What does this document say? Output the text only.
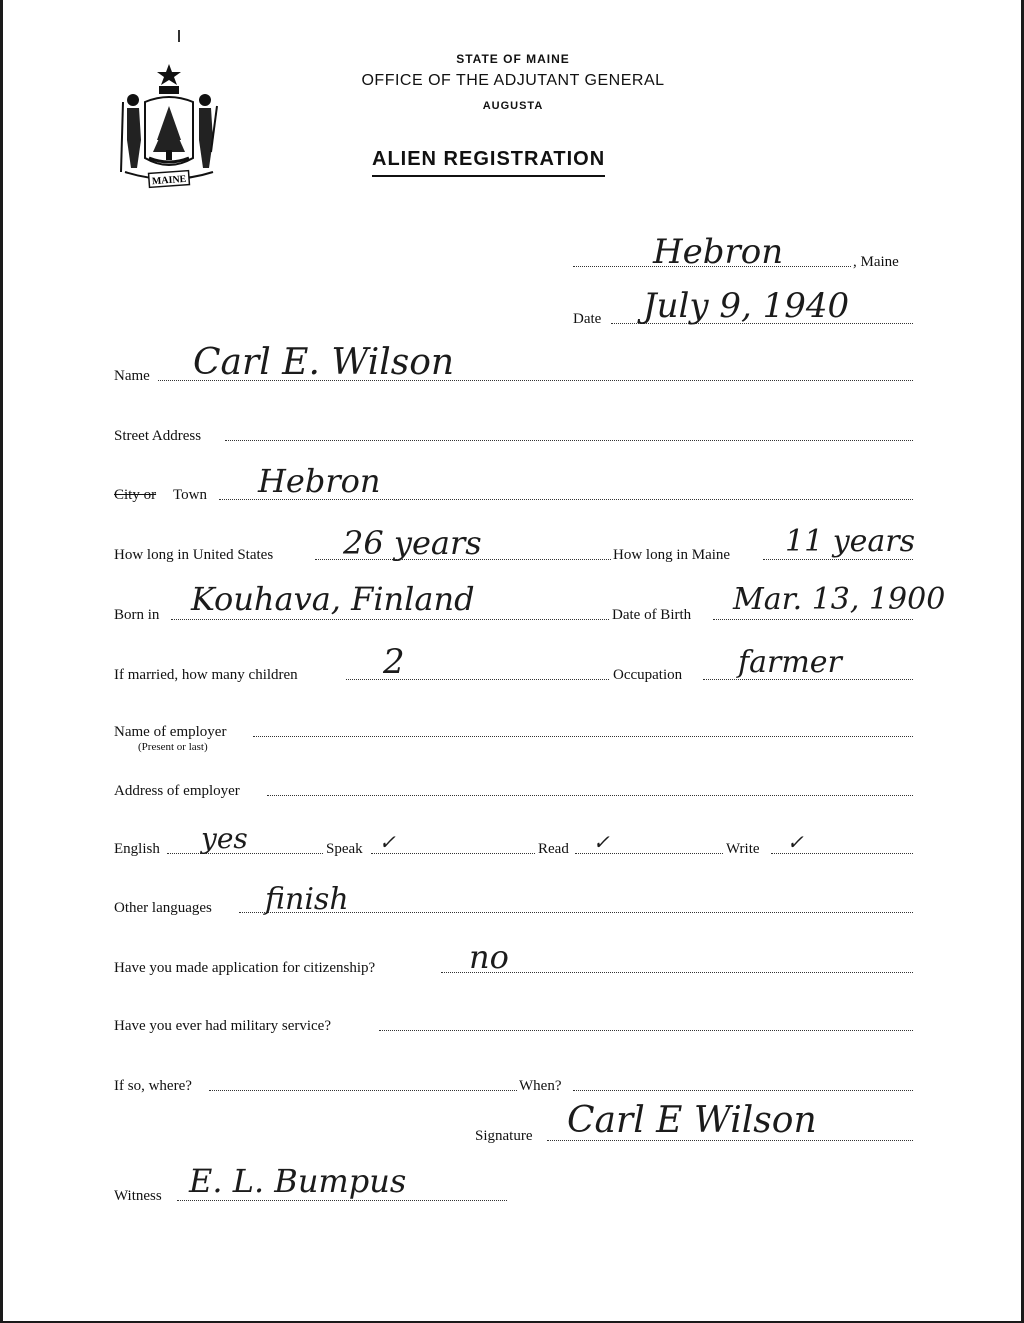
MAINE
STATE OF MAINE
OFFICE OF THE ADJUTANT GENERAL
AUGUSTA
ALIEN REGISTRATION
Hebron	, Maine
Date July 9, 1940
Name Carl E. Wilson
Street Address
City or Town Hebron
How long in United States 26 years	How long in Maine 11 years
Born in Kouhava, Finland	Date of Birth Mar. 13, 1900
If married, how many children	2	Occupation farmer
Name of employer
(Present or last)
Address of employer
English yes	Speak ✓	Read ✓	Write ✓
Other languages finish
Have you made application for citizenship?	no
Have you ever had military service?
If so, where?	When?
Signature Carl E Wilson
Witness E. L. Bumpus
